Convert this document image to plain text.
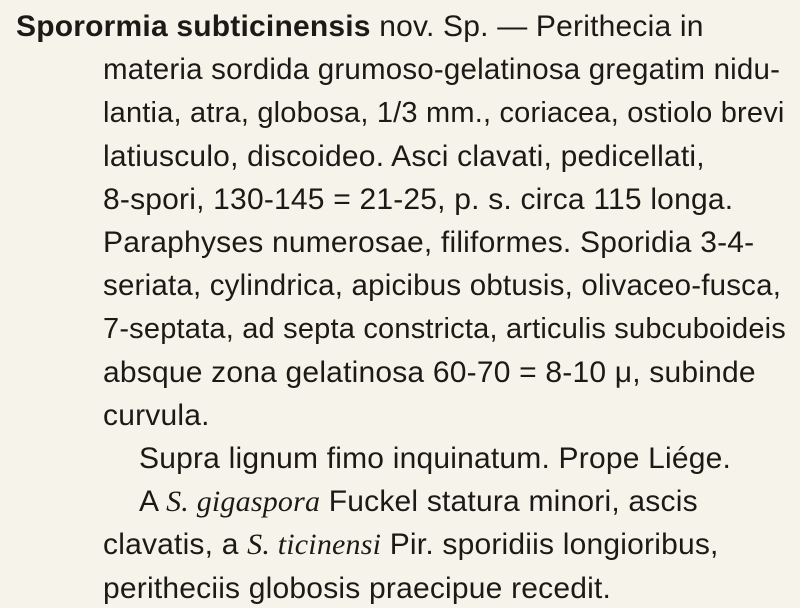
Sporormia subticinensis nov. Sp. — Perithecia in
materia sordida grumoso-gelatinosa gregatim nidu-
lantia, atra, globosa, 1/3 mm., coriacea, ostiolo brevi
latiusculo, discoideo. Asci clavati, pedicellati,
8-spori, 130-145 = 21-25, p. s. circa 115 longa.
Paraphyses numerosae, filiformes. Sporidia 3-4-
seriata, cylindrica, apicibus obtusis, olivaceo-fusca,
7-septata, ad septa constricta, articulis subcuboideis
absque zona gelatinosa 60-70 = 8-10 μ, subinde
curvula.
Supra lignum fimo inquinatum. Prope Liége.
A S. gigaspora Fuckel statura minori, ascis
clavatis, a S. ticinensi Pir. sporidiis longioribus,
peritheciis globosis praecipue recedit.
